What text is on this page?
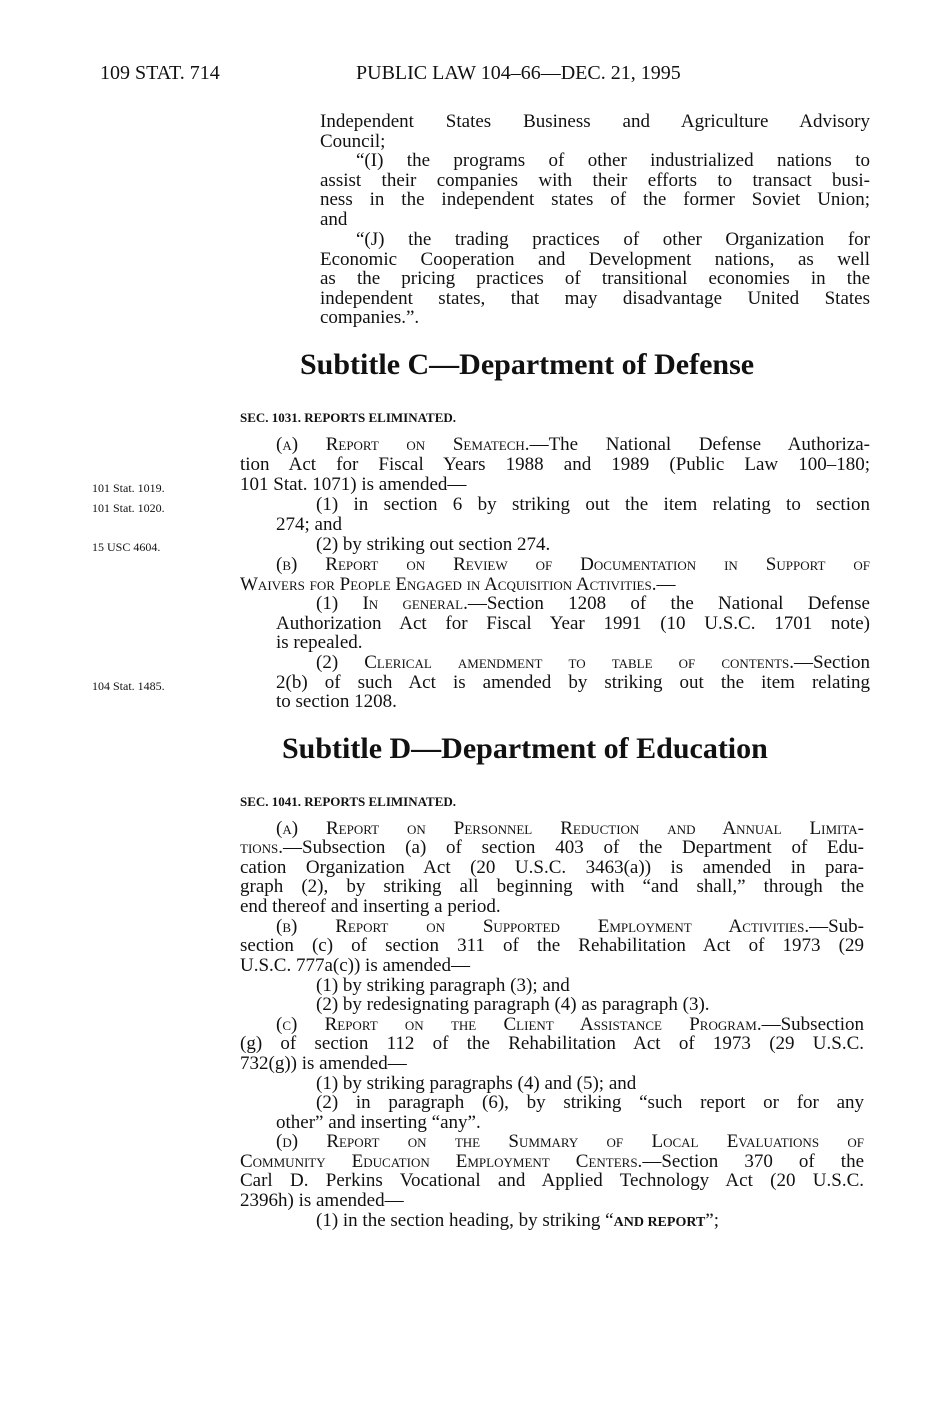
109 STAT. 714	PUBLIC LAW 104–66—DEC. 21, 1995
Independent States Business and Agriculture Advisory
Council;
“(I) the programs of other industrialized nations to
assist their companies with their efforts to transact busi-
ness in the independent states of the former Soviet Union;
and
“(J) the trading practices of other Organization for
Economic Cooperation and Development nations, as well
as the pricing practices of transitional economies in the
independent states, that may disadvantage United States
companies.”.
Subtitle C—Department of Defense
SEC. 1031. REPORTS ELIMINATED.
(a) Report on Sematech.—The National Defense Authoriza-
tion Act for Fiscal Years 1988 and 1989 (Public Law 100–180;
101 Stat. 1071) is amended—
(1) in section 6 by striking out the item relating to section
274; and
(2) by striking out section 274.
(b) Report on Review of Documentation in Support of
Waivers for People Engaged in Acquisition Activities.—
(1) In general.—Section 1208 of the National Defense
Authorization Act for Fiscal Year 1991 (10 U.S.C. 1701 note)
is repealed.
(2) Clerical amendment to table of contents.—Section
2(b) of such Act is amended by striking out the item relating
to section 1208.
101 Stat. 1019.
101 Stat. 1020.
15 USC 4604.
104 Stat. 1485.
Subtitle D—Department of Education
SEC. 1041. REPORTS ELIMINATED.
(a) Report on Personnel Reduction and Annual Limita-
tions.—Subsection (a) of section 403 of the Department of Edu-
cation Organization Act (20 U.S.C. 3463(a)) is amended in para-
graph (2), by striking all beginning with “and shall,” through the
end thereof and inserting a period.
(b) Report on Supported Employment Activities.—Sub-
section (c) of section 311 of the Rehabilitation Act of 1973 (29
U.S.C. 777a(c)) is amended—
(1) by striking paragraph (3); and
(2) by redesignating paragraph (4) as paragraph (3).
(c) Report on the Client Assistance Program.—Subsection
(g) of section 112 of the Rehabilitation Act of 1973 (29 U.S.C.
732(g)) is amended—
(1) by striking paragraphs (4) and (5); and
(2) in paragraph (6), by striking “such report or for any
other” and inserting “any”.
(d) Report on the Summary of Local Evaluations of
Community Education Employment Centers.—Section 370 of the
Carl D. Perkins Vocational and Applied Technology Act (20 U.S.C.
2396h) is amended—
(1) in the section heading, by striking “AND REPORT”;
